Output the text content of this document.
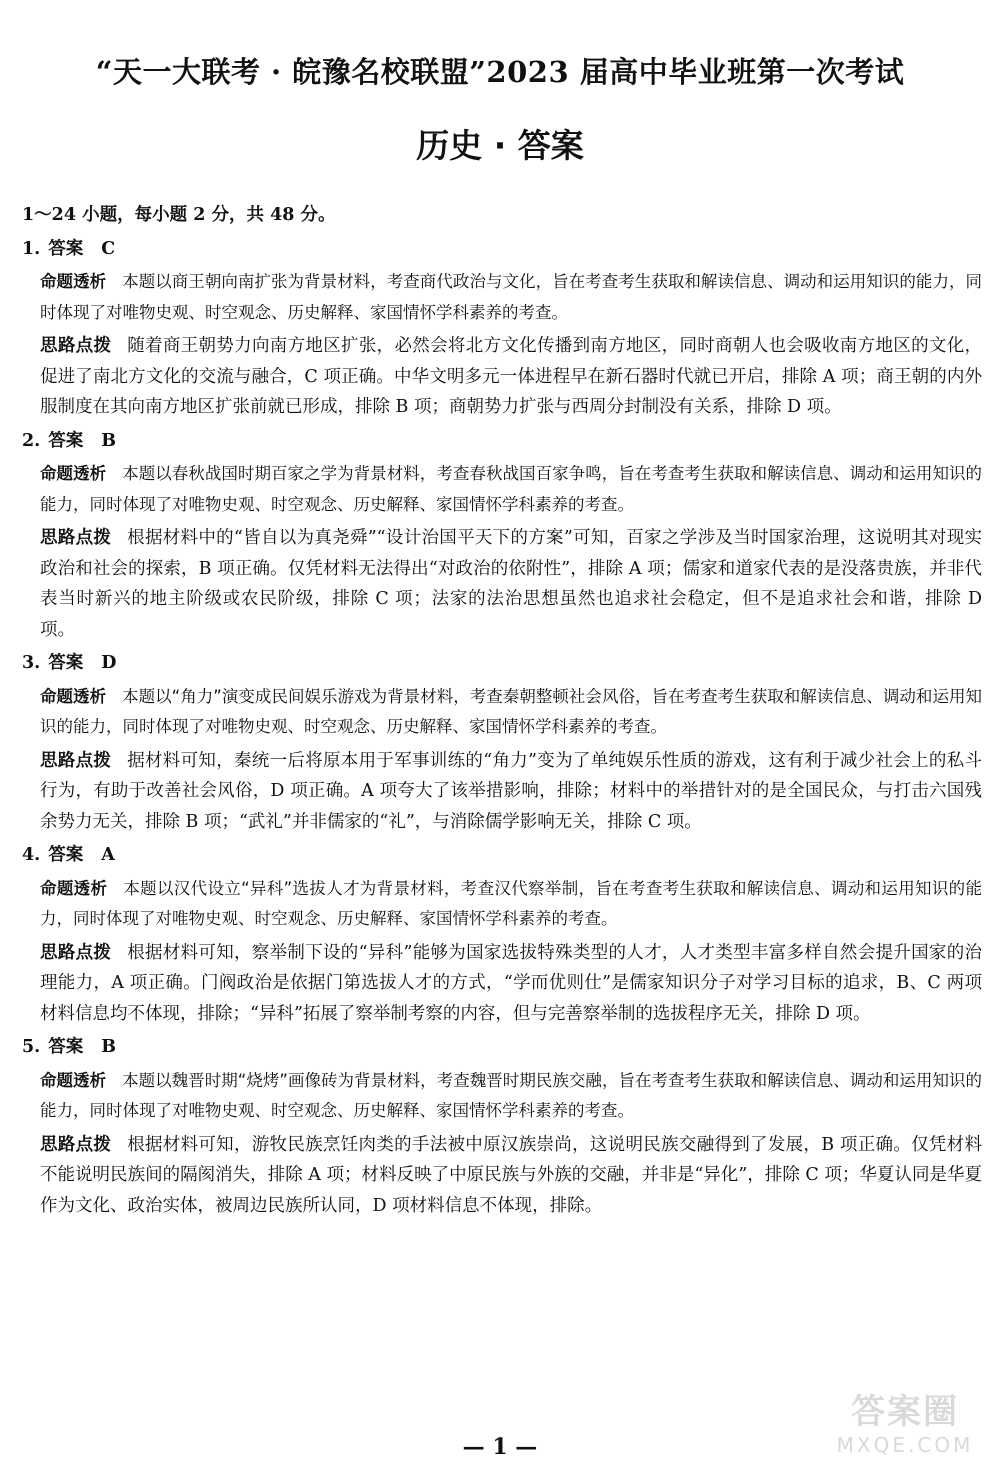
“天一大联考 · 皖豫名校联盟”2023 届高中毕业班第一次考试
历史 · 答案

1～24 小题，每小题 2 分，共 48 分。

1. 答案 C

命题透析 本题以商王朝向南扩张为背景材料，考查商代政治与文化，旨在考查考生获取和解读信息、调动和运用知识的能力，同时体现了对唯物史观、时空观念、历史解释、家国情怀学科素养的考查。

思路点拨 随着商王朝势力向南方地区扩张，必然会将北方文化传播到南方地区，同时商朝人也会吸收南方地区的文化，促进了南北方文化的交流与融合，C 项正确。中华文明多元一体进程早在新石器时代就已开启，排除 A 项；商王朝的内外服制度在其向南方地区扩张前就已形成，排除 B 项；商朝势力扩张与西周分封制没有关系，排除 D 项。

2. 答案 B

命题透析 本题以春秋战国时期百家之学为背景材料，考查春秋战国百家争鸣，旨在考查考生获取和解读信息、调动和运用知识的能力，同时体现了对唯物史观、时空观念、历史解释、家国情怀学科素养的考查。

思路点拨 根据材料中的“皆自以为真尧舜”“设计治国平天下的方案”可知，百家之学涉及当时国家治理，这说明其对现实政治和社会的探索，B 项正确。仅凭材料无法得出“对政治的依附性”，排除 A 项；儒家和道家代表的是没落贵族，并非代表当时新兴的地主阶级或农民阶级，排除 C 项；法家的法治思想虽然也追求社会稳定，但不是追求社会和谐，排除 D 项。

3. 答案 D

命题透析 本题以“角力”演变成民间娱乐游戏为背景材料，考查秦朝整顿社会风俗，旨在考查考生获取和解读信息、调动和运用知识的能力，同时体现了对唯物史观、时空观念、历史解释、家国情怀学科素养的考查。

思路点拨 据材料可知，秦统一后将原本用于军事训练的“角力”变为了单纯娱乐性质的游戏，这有利于减少社会上的私斗行为，有助于改善社会风俗，D 项正确。A 项夸大了该举措影响，排除；材料中的举措针对的是全国民众，与打击六国残余势力无关，排除 B 项；“武礼”并非儒家的“礼”，与消除儒学影响无关，排除 C 项。

4. 答案 A

命题透析 本题以汉代设立“异科”选拔人才为背景材料，考查汉代察举制，旨在考查考生获取和解读信息、调动和运用知识的能力，同时体现了对唯物史观、时空观念、历史解释、家国情怀学科素养的考查。

思路点拨 根据材料可知，察举制下设的“异科”能够为国家选拔特殊类型的人才，人才类型丰富多样自然会提升国家的治理能力，A 项正确。门阀政治是依据门第选拔人才的方式，“学而优则仕”是儒家知识分子对学习目标的追求，B、C 两项材料信息均不体现，排除；“异科”拓展了察举制考察的内容，但与完善察举制的选拔程序无关，排除 D 项。

5. 答案 B

命题透析 本题以魏晋时期“烧烤”画像砖为背景材料，考查魏晋时期民族交融，旨在考查考生获取和解读信息、调动和运用知识的能力，同时体现了对唯物史观、时空观念、历史解释、家国情怀学科素养的考查。

思路点拨 根据材料可知，游牧民族烹饪肉类的手法被中原汉族崇尚，这说明民族交融得到了发展，B 项正确。仅凭材料不能说明民族间的隔阂消失，排除 A 项；材料反映了中原民族与外族的交融，并非是“异化”，排除 C 项；华夏认同是华夏作为文化、政治实体，被周边民族所认同，D 项材料信息不体现，排除。

— 1 —
答案圈
MXQE.COM
